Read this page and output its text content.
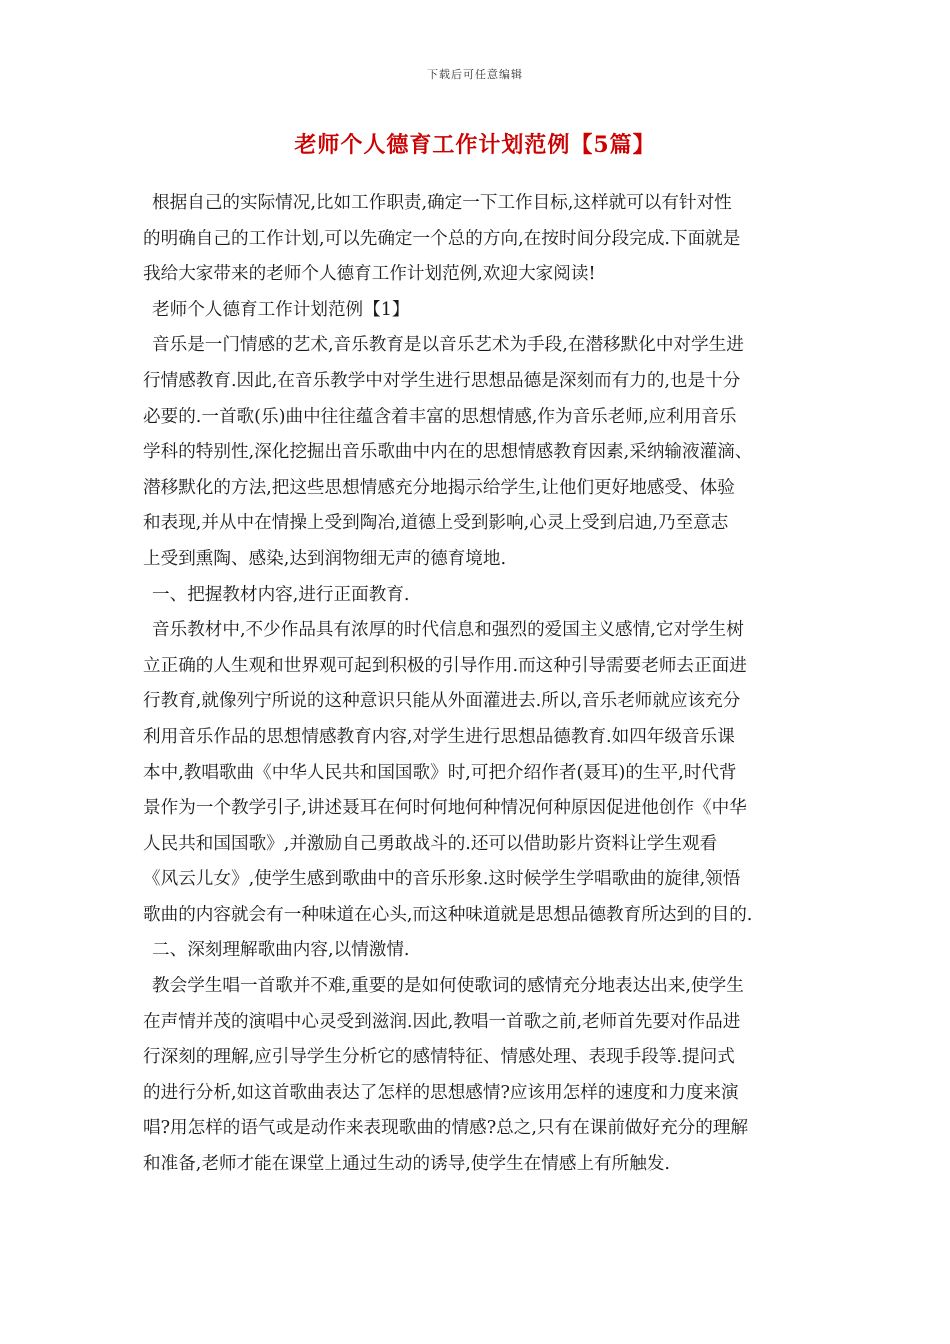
下载后可任意编辑
老师个人德育工作计划范例【5篇】
根据自己的实际情况,比如工作职责,确定一下工作目标,这样就可以有针对性
的明确自己的工作计划,可以先确定一个总的方向,在按时间分段完成.下面就是
我给大家带来的老师个人德育工作计划范例,欢迎大家阅读!
老师个人德育工作计划范例【1】
音乐是一门情感的艺术,音乐教育是以音乐艺术为手段,在潜移默化中对学生进
行情感教育.因此,在音乐教学中对学生进行思想品德是深刻而有力的,也是十分
必要的.一首歌(乐)曲中往往蕴含着丰富的思想情感,作为音乐老师,应利用音乐
学科的特别性,深化挖掘出音乐歌曲中内在的思想情感教育因素,采纳输液灌滴、
潜移默化的方法,把这些思想情感充分地揭示给学生,让他们更好地感受、体验
和表现,并从中在情操上受到陶冶,道德上受到影响,心灵上受到启迪,乃至意志
上受到熏陶、感染,达到润物细无声的德育境地.
一、把握教材内容,进行正面教育.
音乐教材中,不少作品具有浓厚的时代信息和强烈的爱国主义感情,它对学生树
立正确的人生观和世界观可起到积极的引导作用.而这种引导需要老师去正面进
行教育,就像列宁所说的这种意识只能从外面灌进去.所以,音乐老师就应该充分
利用音乐作品的思想情感教育内容,对学生进行思想品德教育.如四年级音乐课
本中,教唱歌曲《中华人民共和国国歌》时,可把介绍作者(聂耳)的生平,时代背
景作为一个教学引子,讲述聂耳在何时何地何种情况何种原因促进他创作《中华
人民共和国国歌》,并激励自己勇敢战斗的.还可以借助影片资料让学生观看
《风云儿女》,使学生感到歌曲中的音乐形象.这时候学生学唱歌曲的旋律,领悟
歌曲的内容就会有一种味道在心头,而这种味道就是思想品德教育所达到的目的.
二、深刻理解歌曲内容,以情激情.
教会学生唱一首歌并不难,重要的是如何使歌词的感情充分地表达出来,使学生
在声情并茂的演唱中心灵受到滋润.因此,教唱一首歌之前,老师首先要对作品进
行深刻的理解,应引导学生分析它的感情特征、情感处理、表现手段等.提问式
的进行分析,如这首歌曲表达了怎样的思想感情?应该用怎样的速度和力度来演
唱?用怎样的语气或是动作来表现歌曲的情感?总之,只有在课前做好充分的理解
和准备,老师才能在课堂上通过生动的诱导,使学生在情感上有所触发.
